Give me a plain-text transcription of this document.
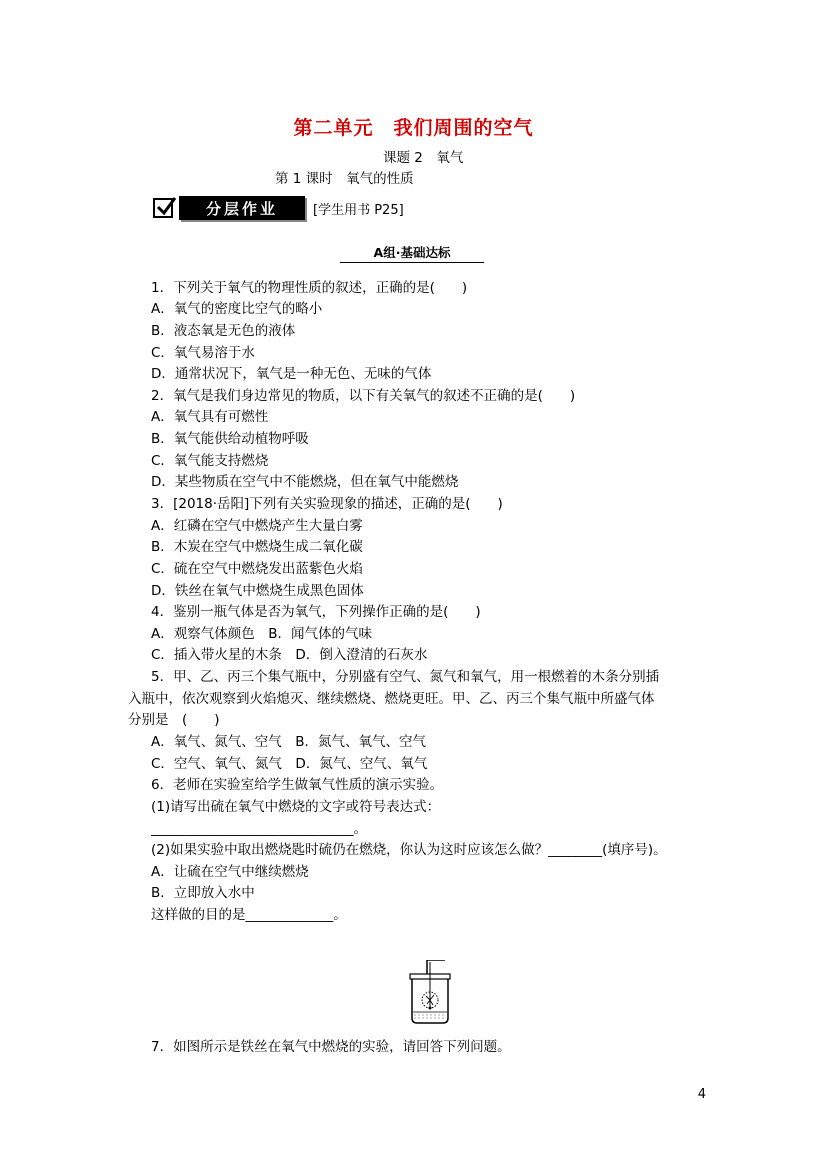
第二单元　我们周围的空气
课题 2　氧气
第 1 课时　氧气的性质
分层作业	[学生用书 P25]
A组·基础达标
1．下列关于氧气的物理性质的叙述，正确的是(　　)
A．氧气的密度比空气的略小
B．液态氧是无色的液体
C．氧气易溶于水
D．通常状况下，氧气是一种无色、无味的气体
2．氧气是我们身边常见的物质，以下有关氧气的叙述不正确的是(　　)
A．氧气具有可燃性
B．氧气能供给动植物呼吸
C．氧气能支持燃烧
D．某些物质在空气中不能燃烧，但在氧气中能燃烧
3．[2018·岳阳]下列有关实验现象的描述，正确的是(　　)
A．红磷在空气中燃烧产生大量白雾
B．木炭在空气中燃烧生成二氧化碳
C．硫在空气中燃烧发出蓝紫色火焰
D．铁丝在氧气中燃烧生成黑色固体
4．鉴别一瓶气体是否为氧气，下列操作正确的是(　　)
A．观察气体颜色　B．闻气体的气味
C．插入带火星的木条　D．倒入澄清的石灰水
5．甲、乙、丙三个集气瓶中，分别盛有空气、氮气和氧气，用一根燃着的木条分别插
入瓶中，依次观察到火焰熄灭、继续燃烧、燃烧更旺。甲、乙、丙三个集气瓶中所盛气体
分别是　(　　)
A．氧气、氮气、空气　B．氮气、氧气、空气
C．空气、氧气、氮气　D．氮气、空气、氧气
6．老师在实验室给学生做氧气性质的演示实验。
(1)请写出硫在氧气中燃烧的文字或符号表达式：
______________________________。
(2)如果实验中取出燃烧匙时硫仍在燃烧，你认为这时应该怎么做？________(填序号)。
A．让硫在空气中继续燃烧
B．立即放入水中
这样做的目的是_____________。
7．如图所示是铁丝在氧气中燃烧的实验，请回答下列问题。
4
